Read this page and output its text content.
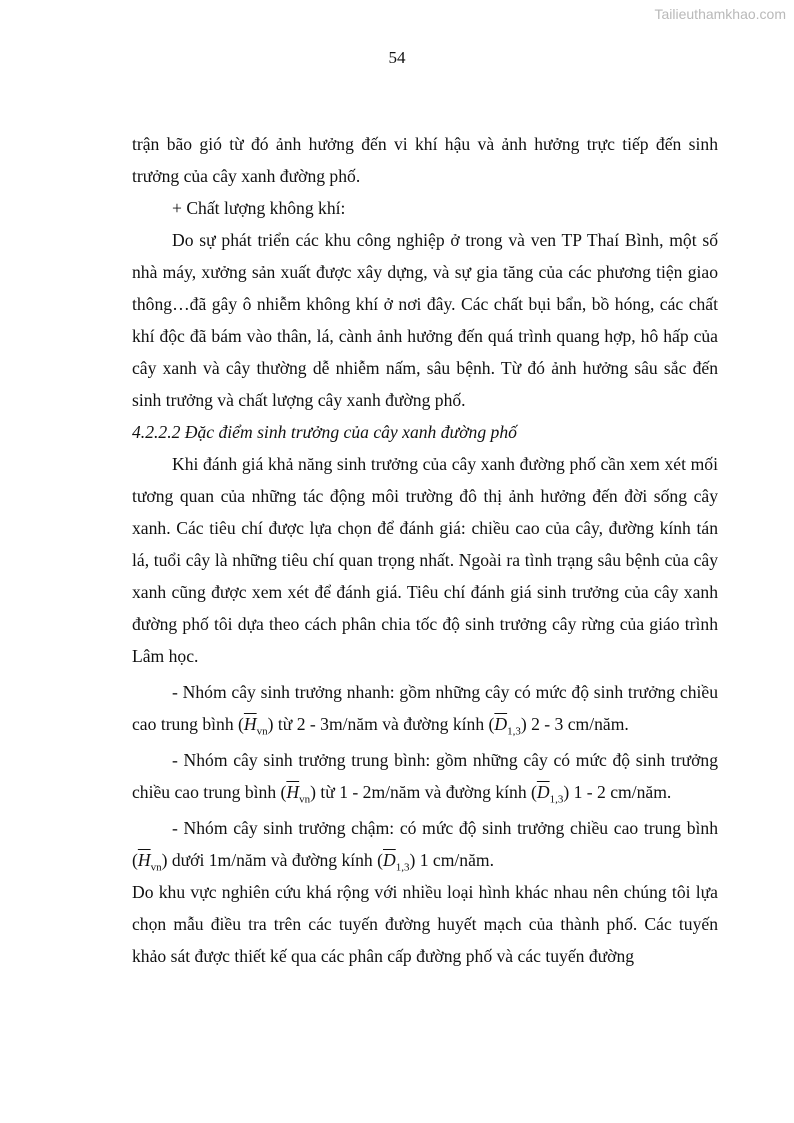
Tailieuthamkhao.com
54

trận bão gió từ đó ảnh hưởng đến vi khí hậu và ảnh hưởng trực tiếp đến sinh trưởng của cây xanh đường phố.

+ Chất lượng không khí:

Do sự phát triển các khu công nghiệp ở trong và ven TP Thaí Bình, một số nhà máy, xưởng sản xuất được xây dựng, và sự gia tăng của các phương tiện giao thông…đã gây ô nhiễm không khí ở nơi đây. Các chất bụi bẩn, bồ hóng, các chất khí độc đã bám vào thân, lá, cành ảnh hưởng đến quá trình quang hợp, hô hấp của cây xanh và cây thường dễ nhiễm nấm, sâu bệnh. Từ đó ảnh hưởng sâu sắc đến sinh trưởng và chất lượng cây xanh đường phố.

4.2.2.2 Đặc điểm sinh trưởng của cây xanh đường phố

Khi đánh giá khả năng sinh trưởng của cây xanh đường phố cần xem xét mối tương quan của những tác động môi trường đô thị ảnh hưởng đến đời sống cây xanh. Các tiêu chí được lựa chọn để đánh giá: chiều cao của cây, đường kính tán lá, tuổi cây là những tiêu chí quan trọng nhất. Ngoài ra tình trạng sâu bệnh của cây xanh cũng được xem xét để đánh giá. Tiêu chí đánh giá sinh trưởng của cây xanh đường phố tôi dựa theo cách phân chia tốc độ sinh trưởng cây rừng của giáo trình Lâm học.

- Nhóm cây sinh trưởng nhanh: gồm những cây có mức độ sinh trưởng chiều cao trung bình $(\overline{H}_{vn})$ từ 2 - 3m/năm và đường kính $(\overline{D}_{1,3})$ 2 - 3 cm/năm.

- Nhóm cây sinh trưởng trung bình: gồm những cây có mức độ sinh trưởng chiều cao trung bình $(\overline{H}_{vn})$ từ 1 - 2m/năm và đường kính $(\overline{D}_{1,3})$ 1 - 2 cm/năm.

- Nhóm cây sinh trưởng chậm: có mức độ sinh trưởng chiều cao trung bình $(\overline{H}_{vn})$ dưới 1m/năm và đường kính $(\overline{D}_{1,3})$ 1 cm/năm.

Do khu vực nghiên cứu khá rộng với nhiều loại hình khác nhau nên chúng tôi lựa chọn mẫu điều tra trên các tuyến đường huyết mạch của thành phố. Các tuyến khảo sát được thiết kế qua các phân cấp đường phố và các tuyến đường
